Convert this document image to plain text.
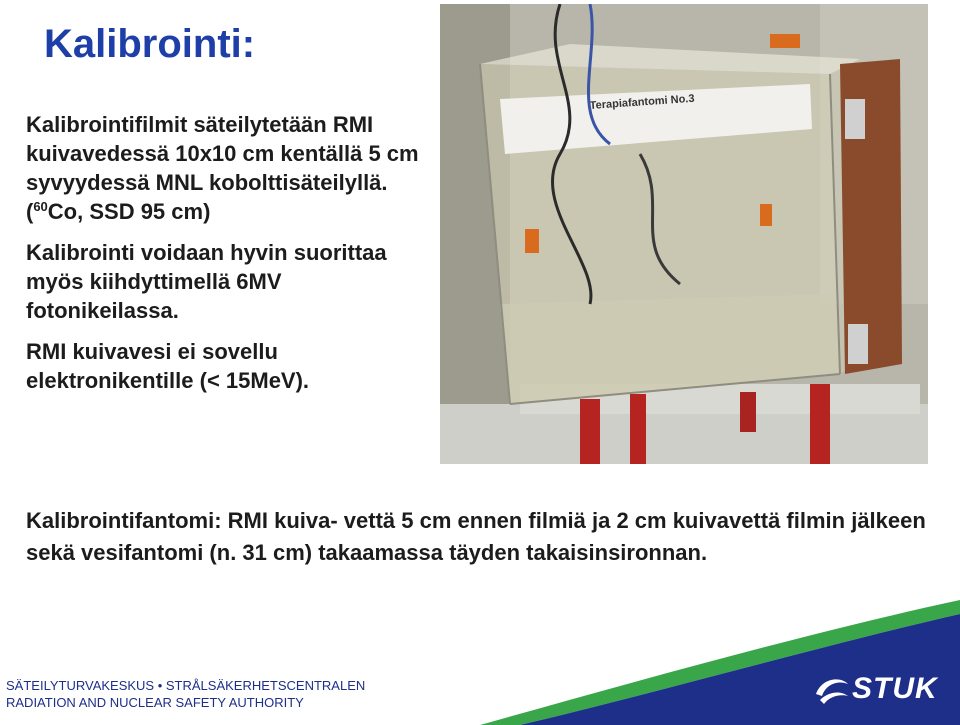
Kalibrointi:

Kalibrointifilmit säteilytetään RMI kuivavedessä 10x10 cm kentällä 5 cm syvyydessä MNL kobolttisäteilyllä.
($^{60}$Co, SSD 95 cm)

Kalibrointi voidaan hyvin suorittaa myös kiihdyttimellä 6MV fotonikeilassa.

RMI kuivavesi ei sovellu elektronikentille (< 15MeV).

Terapiafantomi No.3

Kalibrointifantomi: RMI kuiva- vettä 5 cm ennen filmiä ja 2 cm kuivavettä filmin jälkeen sekä vesifantomi (n. 31 cm) takaamassa täyden takaisinsironnan.

SÄTEILYTURVAKESKUS • STRÅLSÄKERHETSCENTRALEN
RADIATION AND NUCLEAR SAFETY AUTHORITY	STUK
